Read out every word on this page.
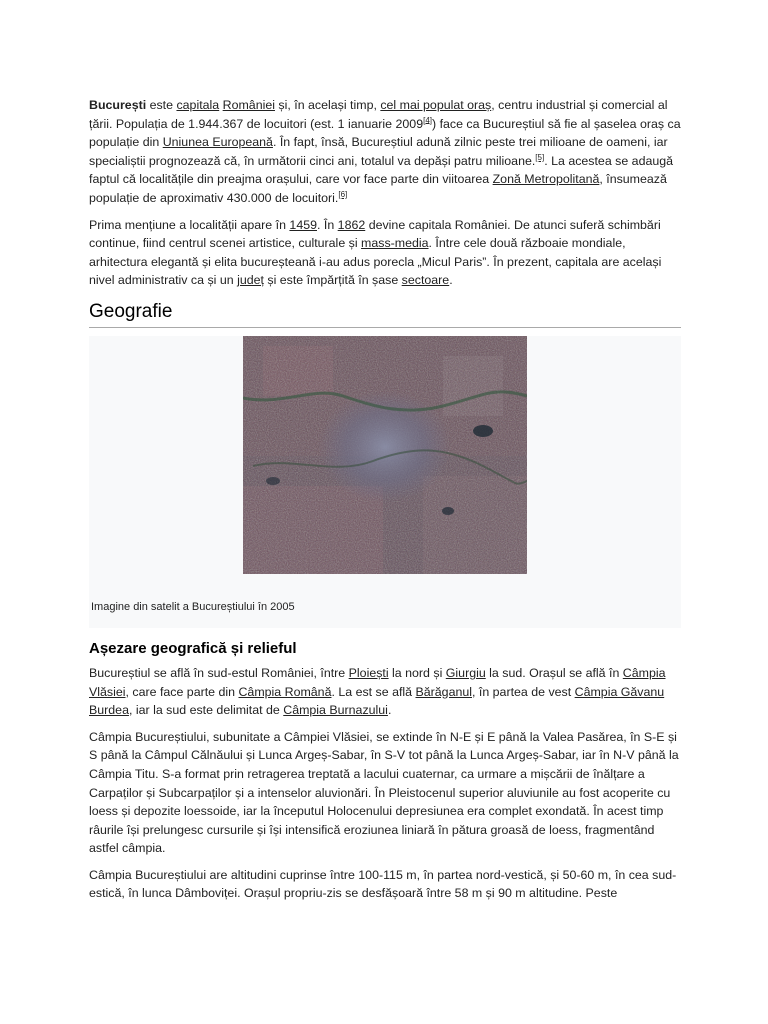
București este capitala României și, în același timp, cel mai populat oraș, centru industrial și comercial al țării. Populația de 1.944.367 de locuitori (est. 1 ianuarie 2009[4]) face ca Bucureștiul să fie al șaselea oraș ca populație din Uniunea Europeană. În fapt, însă, Bucureștiul adună zilnic peste trei milioane de oameni, iar specialiștii prognozează că, în următorii cinci ani, totalul va depăși patru milioane.[5]. La acestea se adaugă faptul că localitățile din preajma orașului, care vor face parte din viitoarea Zonă Metropolitană, însumează populație de aproximativ 430.000 de locuitori.[6]

Prima mențiune a localității apare în 1459. În 1862 devine capitala României. De atunci suferă schimbări continue, fiind centrul scenei artistice, culturale și mass-media. Între cele două războaie mondiale, arhitectura elegantă și elita bucureșteană i-au adus porecla „Micul Paris”. În prezent, capitala are același nivel administrativ ca și un județ și este împărțită în șase sectoare.

Geografie
Imagine din satelit a Bucureștiului în 2005
Așezare geografică și relieful

Bucureștiul se află în sud-estul României, între Ploiești la nord și Giurgiu la sud. Orașul se află în Câmpia Vlăsiei, care face parte din Câmpia Română. La est se află Bărăganul, în partea de vest Câmpia Găvanu Burdea, iar la sud este delimitat de Câmpia Burnazului.

Câmpia Bucureștiului, subunitate a Câmpiei Vlăsiei, se extinde în N-E și E până la Valea Pasărea, în S-E și S până la Câmpul Călnăului și Lunca Argeș-Sabar, în S-V tot până la Lunca Argeș-Sabar, iar în N-V până la Câmpia Titu. S-a format prin retragerea treptată a lacului cuaternar, ca urmare a mișcării de înălțare a Carpaților și Subcarpaților și a intenselor aluvionări. În Pleistocenul superior aluviunile au fost acoperite cu loess și depozite loessoide, iar la începutul Holocenului depresiunea era complet exondată. În acest timp râurile își prelungesc cursurile și își intensifică eroziunea liniară în pătura groasă de loess, fragmentând astfel câmpia.

Câmpia Bucureștiului are altitudini cuprinse între 100-115 m, în partea nord-vestică, și 50-60 m, în cea sud-estică, în lunca Dâmboviței. Orașul propriu-zis se desfășoară între 58 m și 90 m altitudine. Peste
